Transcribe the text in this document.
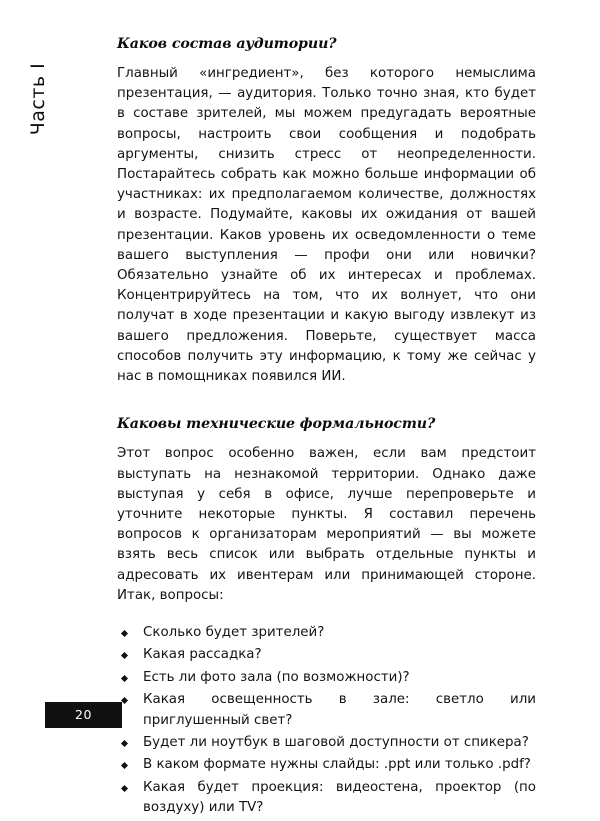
Часть I
Каков состав аудитории?

Главный «ингредиент», без которого немыслима презентация, — аудитория. Только точно зная, кто будет в составе зрителей, мы можем предугадать вероятные вопросы, настроить свои сообщения и подобрать аргументы, снизить стресс от неопределенности. Постарайтесь собрать как можно больше информации об участниках: их предполагаемом количестве, должностях и возрасте. Подумайте, каковы их ожидания от вашей презентации. Каков уровень их осведомленности о теме вашего выступления — профи они или новички? Обязательно узнайте об их интересах и проблемах. Концентрируйтесь на том, что их волнует, что они получат в ходе презентации и какую выгоду извлекут из вашего предложения. Поверьте, существует масса способов получить эту информацию, к тому же сейчас у нас в помощниках появился ИИ.

Каковы технические формальности?

Этот вопрос особенно важен, если вам предстоит выступать на незнакомой территории. Однако даже выступая у себя в офисе, лучше перепроверьте и уточните некоторые пункты. Я составил перечень вопросов к организаторам мероприятий — вы можете взять весь список или выбрать отдельные пункты и адресовать их ивентерам или принимающей стороне. Итак, вопросы:

Сколько будет зрителей?
Какая рассадка?
Есть ли фото зала (по возможности)?
Какая освещенность в зале: светло или приглушенный свет?
Будет ли ноутбук в шаговой доступности от спикера?
В каком формате нужны слайды: .ppt или только .pdf?
Какая будет проекция: видеостена, проектор (по воздуху) или TV?
20
